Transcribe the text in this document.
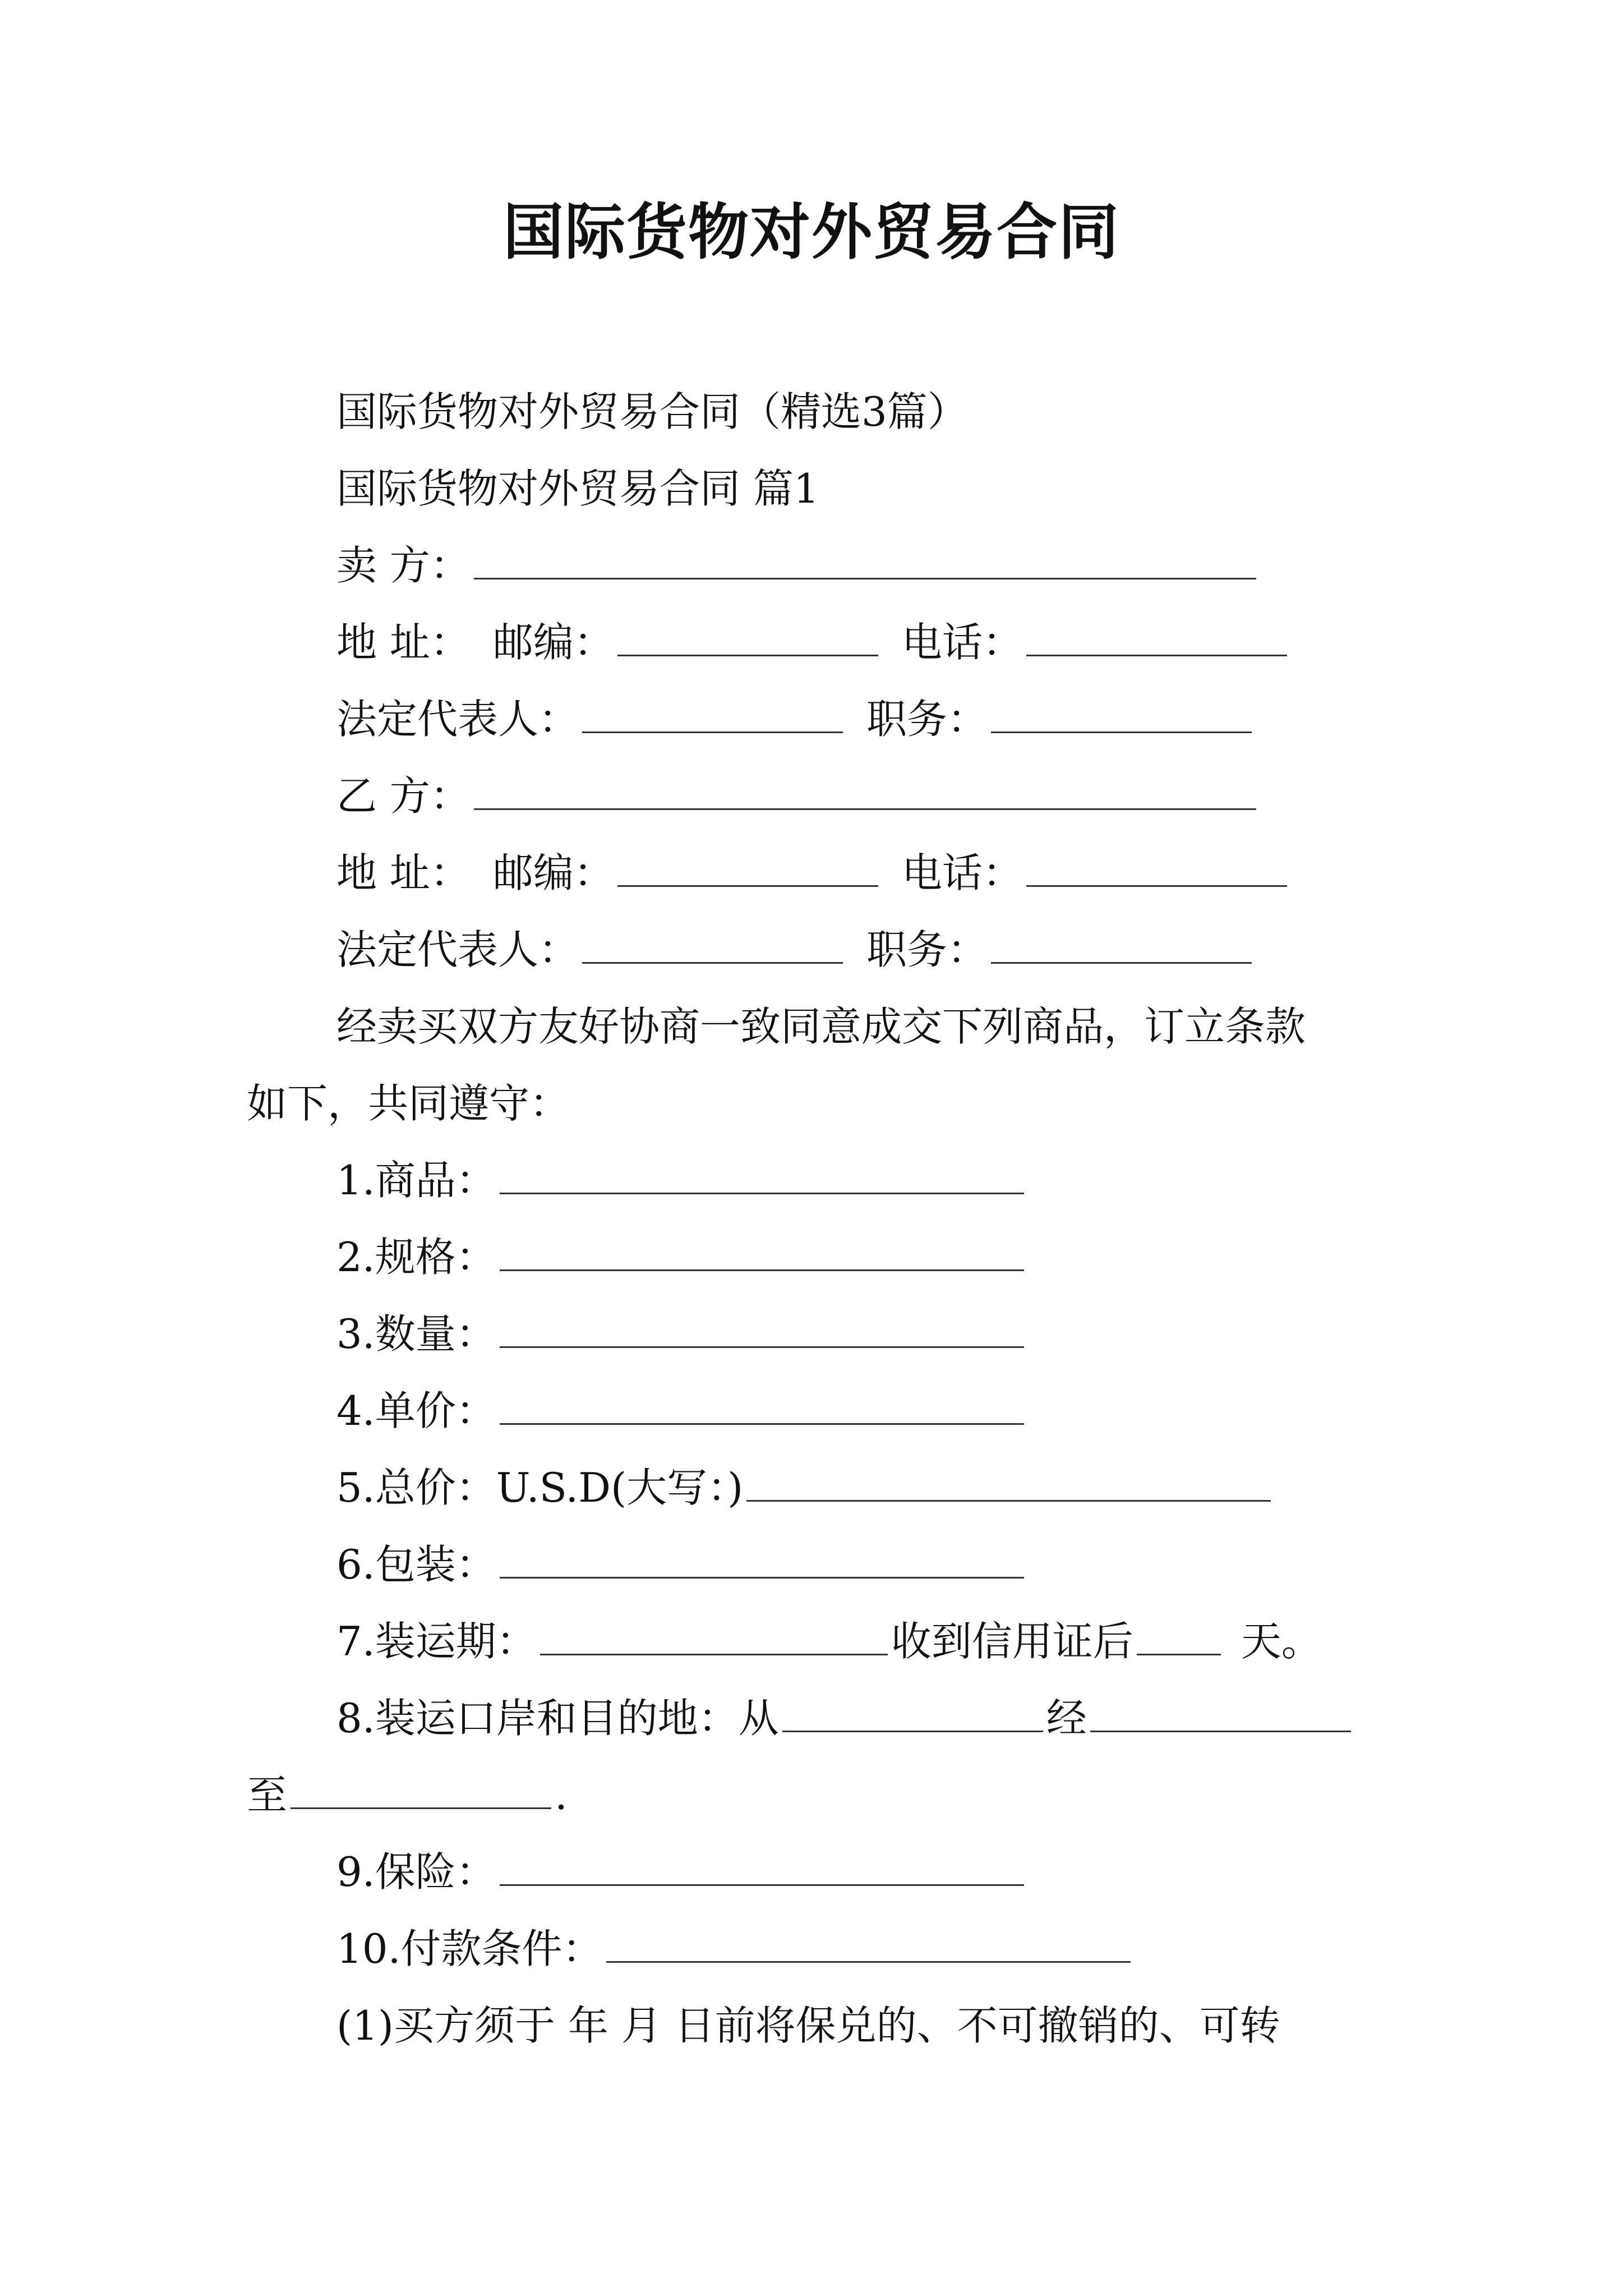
国际货物对外贸易合同
国际货物对外贸易合同（精选3篇）
国际货物对外贸易合同 篇1
卖 方：
地 址： 邮编：	电话：
法定代表人：	职务：
乙 方：
地 址： 邮编：	电话：
法定代表人：	职务：
经卖买双方友好协商一致同意成交下列商品，订立条款
如下，共同遵守：
1.商品：
2.规格：
3.数量：
4.单价：
5.总价：U.S.D(大写：)
6.包装：
7.装运期：	收到信用证后	天。
8.装运口岸和目的地：从	经
至	.
9.保险：
10.付款条件：
(1)买方须于 年 月 日前将保兑的、不可撤销的、可转
